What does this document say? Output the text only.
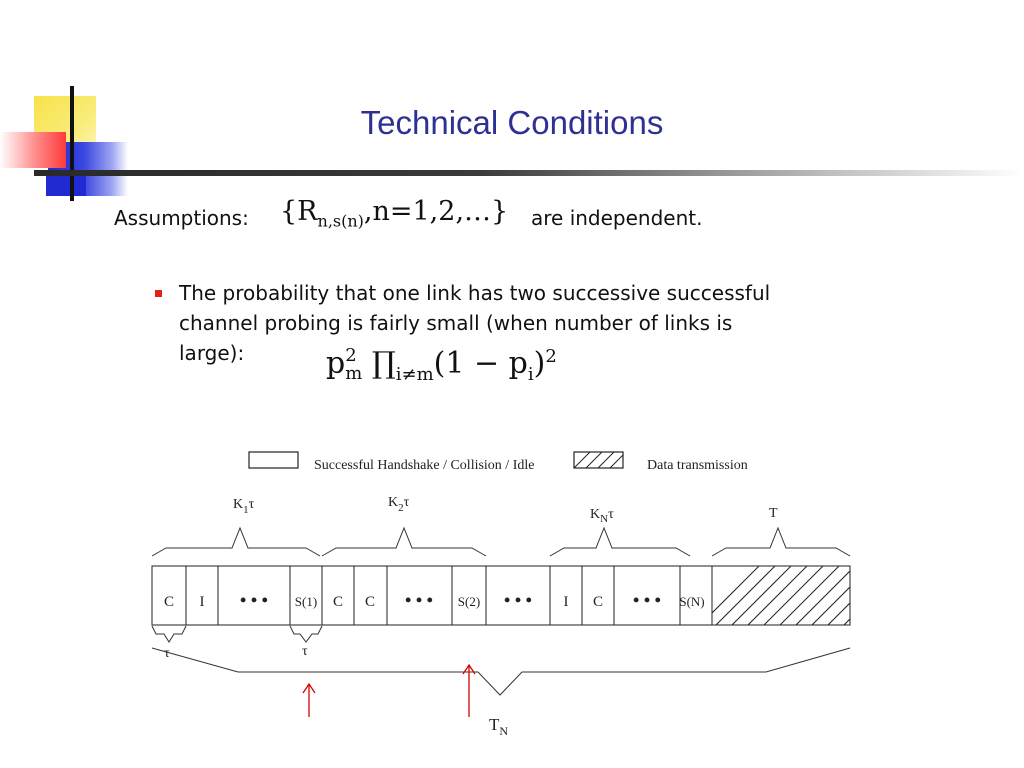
Technical Conditions
Assumptions: $\{R_{n,s(n)},n=1,2,\dots\}$ are independent.
The probability that one link has two successive successful channel probing is fairly small (when number of links is large):	p 2
m $\prod_{i\ne m}(1 - p_i)^2$
Successful Handshake / Collision / Idle	Data transmission
$K_1\tau$	$K_2\tau$
$K_N\tau$	T
C I • • • S(1) C C • • • S(2) • • • I C • • • S(N)
τ	τ
$T_N$
